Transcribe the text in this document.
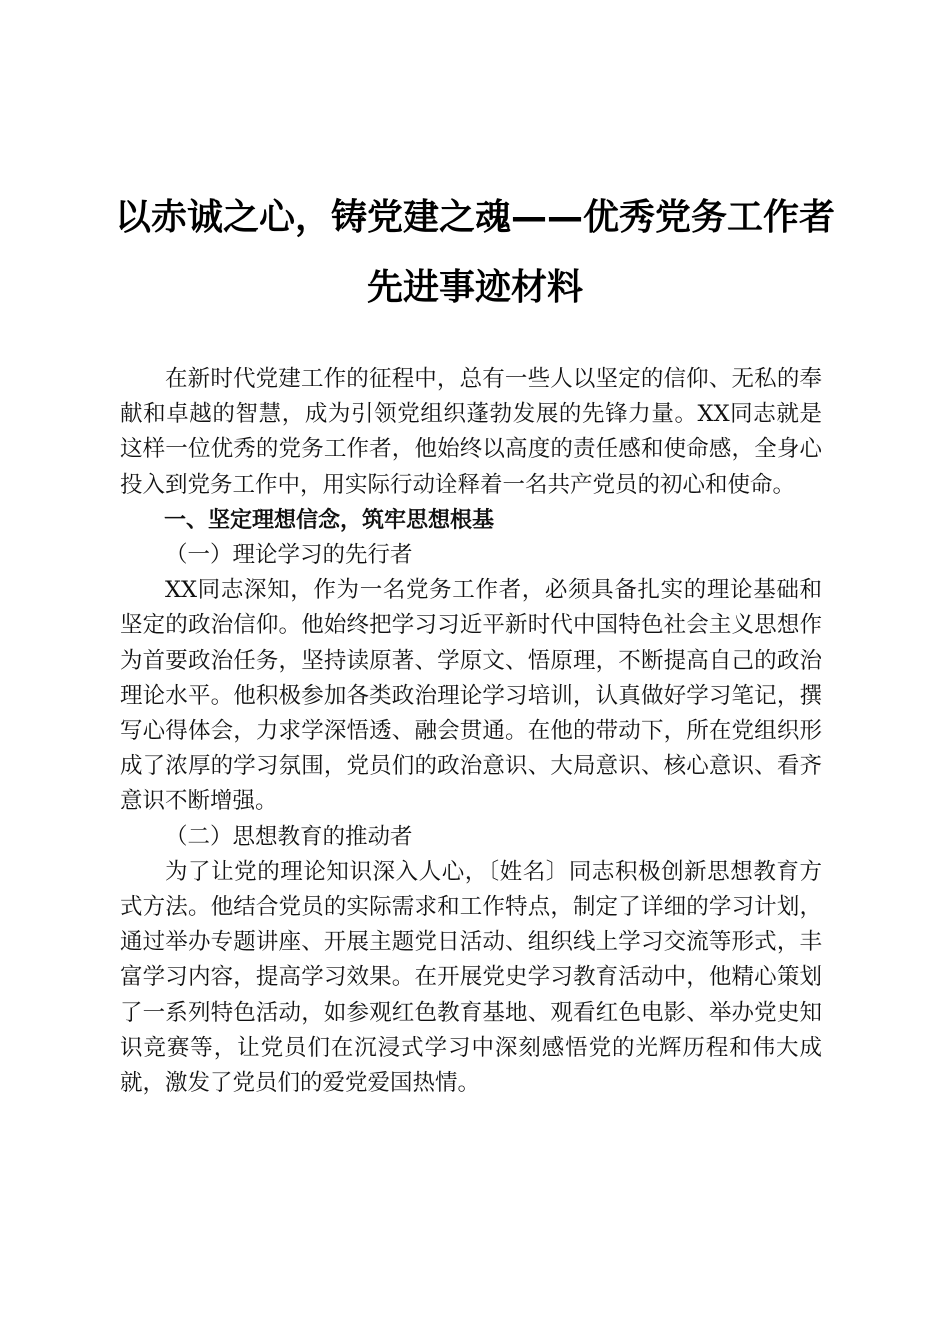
以赤诚之心，铸党建之魂——优秀党务工作者
先进事迹材料

在新时代党建工作的征程中，总有一些人以坚定的信仰、无私的奉献和卓越的智慧，成为引领党组织蓬勃发展的先锋力量。XX同志就是这样一位优秀的党务工作者，他始终以高度的责任感和使命感，全身心投入到党务工作中，用实际行动诠释着一名共产党员的初心和使命。

一、坚定理想信念，筑牢思想根基

（一）理论学习的先行者

XX同志深知，作为一名党务工作者，必须具备扎实的理论基础和坚定的政治信仰。他始终把学习习近平新时代中国特色社会主义思想作为首要政治任务，坚持读原著、学原文、悟原理，不断提高自己的政治理论水平。他积极参加各类政治理论学习培训，认真做好学习笔记，撰写心得体会，力求学深悟透、融会贯通。在他的带动下，所在党组织形成了浓厚的学习氛围，党员们的政治意识、大局意识、核心意识、看齐意识不断增强。

（二）思想教育的推动者

为了让党的理论知识深入人心，〔姓名〕同志积极创新思想教育方式方法。他结合党员的实际需求和工作特点，制定了详细的学习计划，通过举办专题讲座、开展主题党日活动、组织线上学习交流等形式，丰富学习内容，提高学习效果。在开展党史学习教育活动中，他精心策划了一系列特色活动，如参观红色教育基地、观看红色电影、举办党史知识竞赛等，让党员们在沉浸式学习中深刻感悟党的光辉历程和伟大成就，激发了党员们的爱党爱国热情。
